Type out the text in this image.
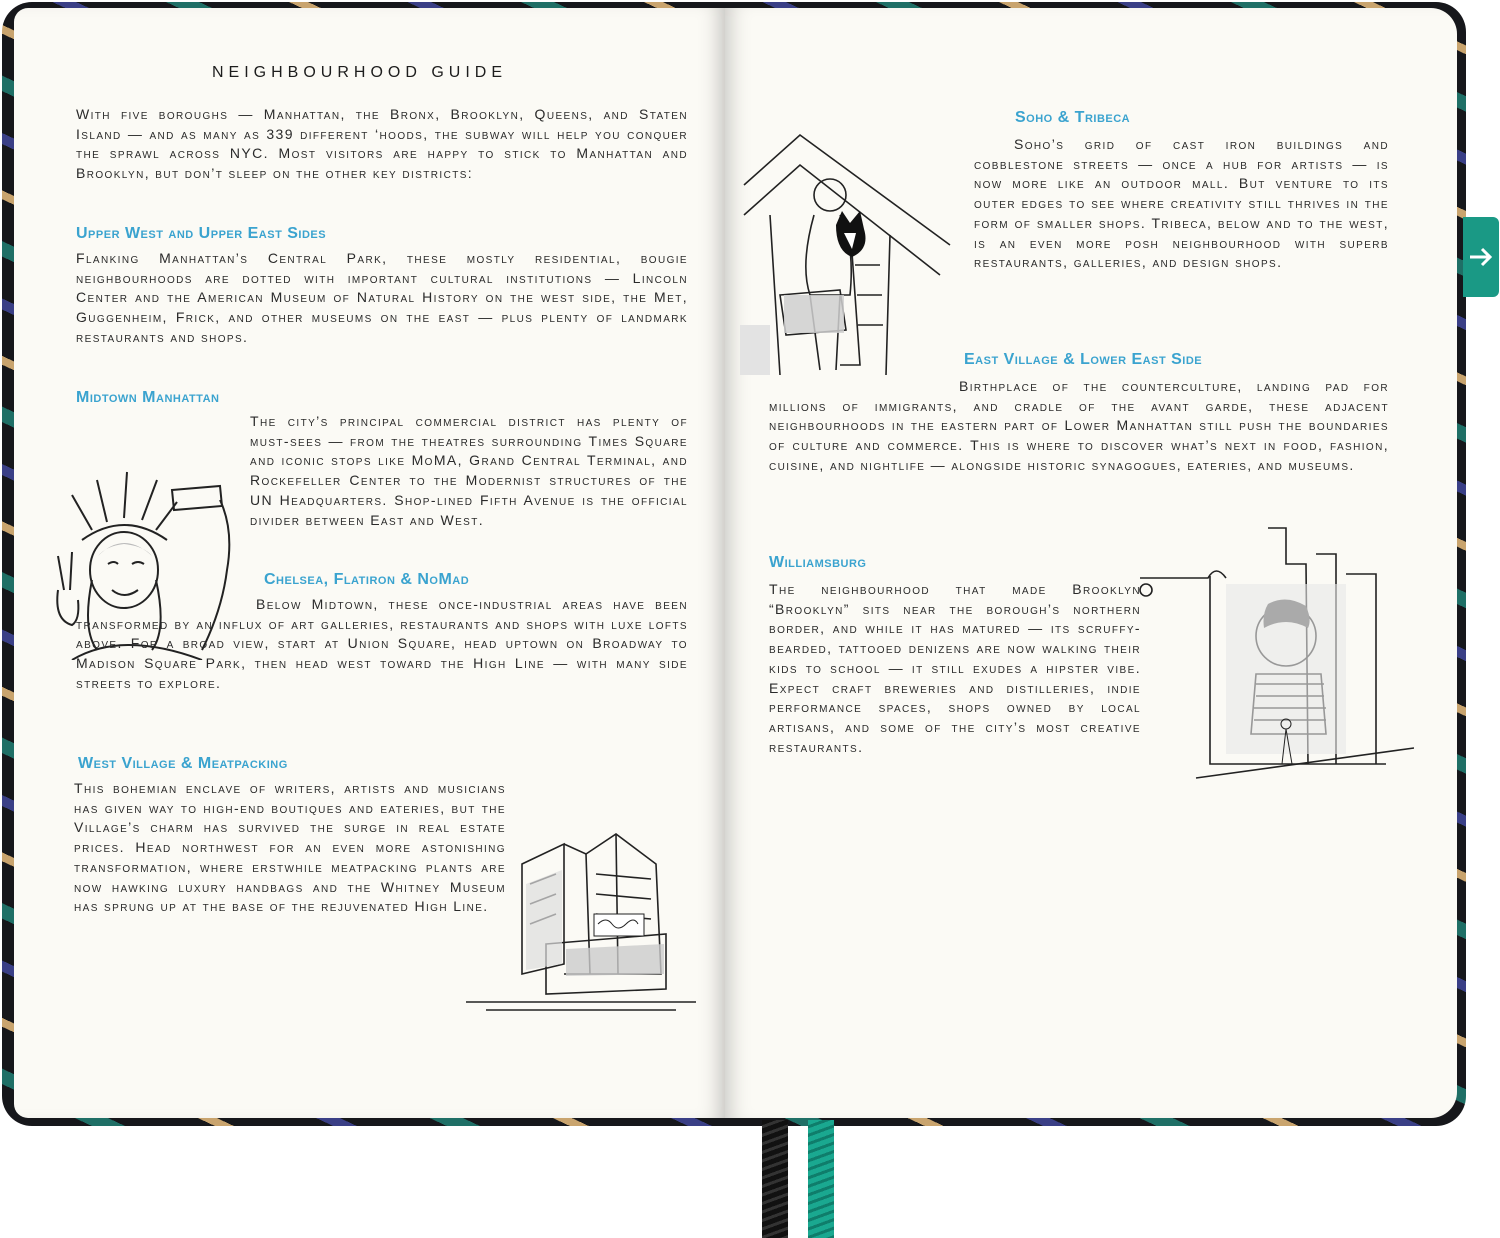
NEIGHBOURHOOD GUIDE

With five boroughs — Manhattan, the Bronx, Brooklyn, Queens, and Staten Island — and as many as 339 different ‘hoods, the subway will help you conquer the sprawl across NYC. Most visitors are happy to stick to Manhattan and Brooklyn, but don’t sleep on the other key districts:

Upper West and Upper East Sides

Flanking Manhattan’s Central Park, these mostly residential, bougie neighbourhoods are dotted with important cultural institutions — Lincoln Center and the American Museum of Natural History on the west side, the Met, Guggenheim, Frick, and other museums on the east — plus plenty of landmark restaurants and shops.

Midtown Manhattan

The city’s principal commercial district has plenty of must-sees — from the theatres surrounding Times Square and iconic stops like MoMA, Grand Central Terminal, and Rockefeller Center to the Modernist structures of the UN Headquarters. Shop-lined Fifth Avenue is the official divider between East and West.

Chelsea, Flatiron & NoMad

Below Midtown, these once-industrial areas have been transformed by an influx of art galleries, restaurants and shops with luxe lofts above. For a broad view, start at Union Square, head uptown on Broadway to Madison Square Park, then head west toward the High Line — with many side streets to explore.

West Village & Meatpacking

This bohemian enclave of writers, artists and musicians has given way to high-end boutiques and eateries, but the Village’s charm has survived the surge in real estate prices. Head northwest for an even more astonishing transformation, where erstwhile meatpacking plants are now hawking luxury handbags and the Whitney Museum has sprung up at the base of the rejuvenated High Line.

Soho & Tribeca

Soho’s grid of cast iron buildings and cobblestone streets — once a hub for artists — is now more like an outdoor mall. But venture to its outer edges to see where creativity still thrives in the form of smaller shops. Tribeca, below and to the west, is an even more posh neighbourhood with superb restaurants, galleries, and design shops.

East Village & Lower East Side

Birthplace of the counterculture, landing pad for millions of immigrants, and cradle of the avant garde, these adjacent neighbourhoods in the eastern part of Lower Manhattan still push the boundaries of culture and commerce. This is where to discover what’s next in food, fashion, cuisine, and nightlife — alongside historic synagogues, eateries, and museums.

Williamsburg

The neighbourhood that made Brooklyn “Brooklyn” sits near the borough’s northern border, and while it has matured — its scruffy-bearded, tattooed denizens are now walking their kids to school — it still exudes a hipster vibe. Expect craft breweries and distilleries, indie performance spaces, shops owned by local artisans, and some of the city’s most creative restaurants.
